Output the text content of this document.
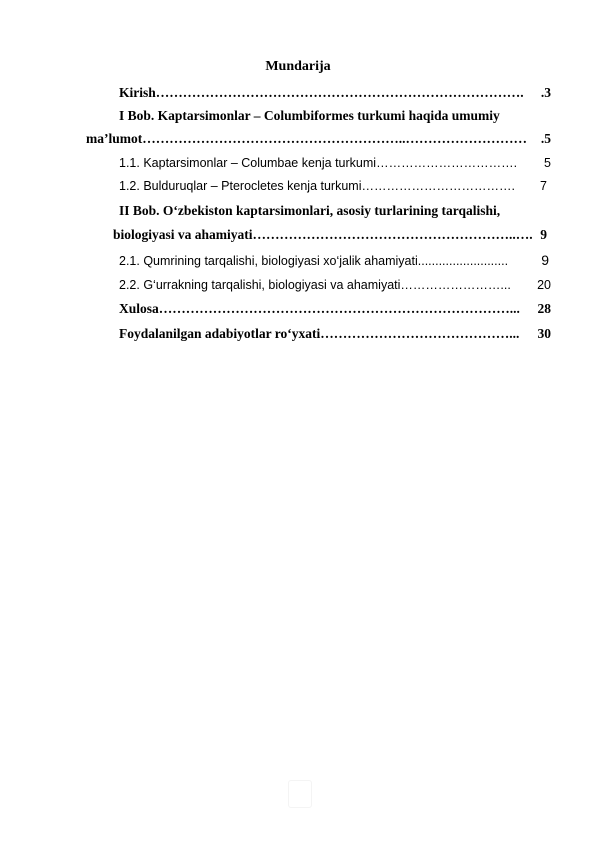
Mundarija
Kirish ……………………………………………………………………….	.3
I Bob. Kaptarsimonlar – Columbiformes turkumi haqida umumiy
ma’lumot …………………………………………………..………………………	.5
1.1. Kaptarsimonlar – Columbae kenja turkumi …………………………….	5
1.2. Bulduruqlar – Pterocletes kenja turkumi ……………………………….	7
II Bob. O‘zbekiston kaptarsimonlari, asosiy turlarining tarqalishi,
biologiyasi va ahamiyati …………………………………………………..…. 9
2.1. Qumrining tarqalishi, biologiyasi xo‘jalik ahamiyati ..........................	9
2.2. G‘urrakning tarqalishi, biologiyasi va ahamiyati ……………………...	20
Xulosa ……………………………………………………………………...	28
Foydalanilgan adabiyotlar ro‘yxati ……………………………………...	30
